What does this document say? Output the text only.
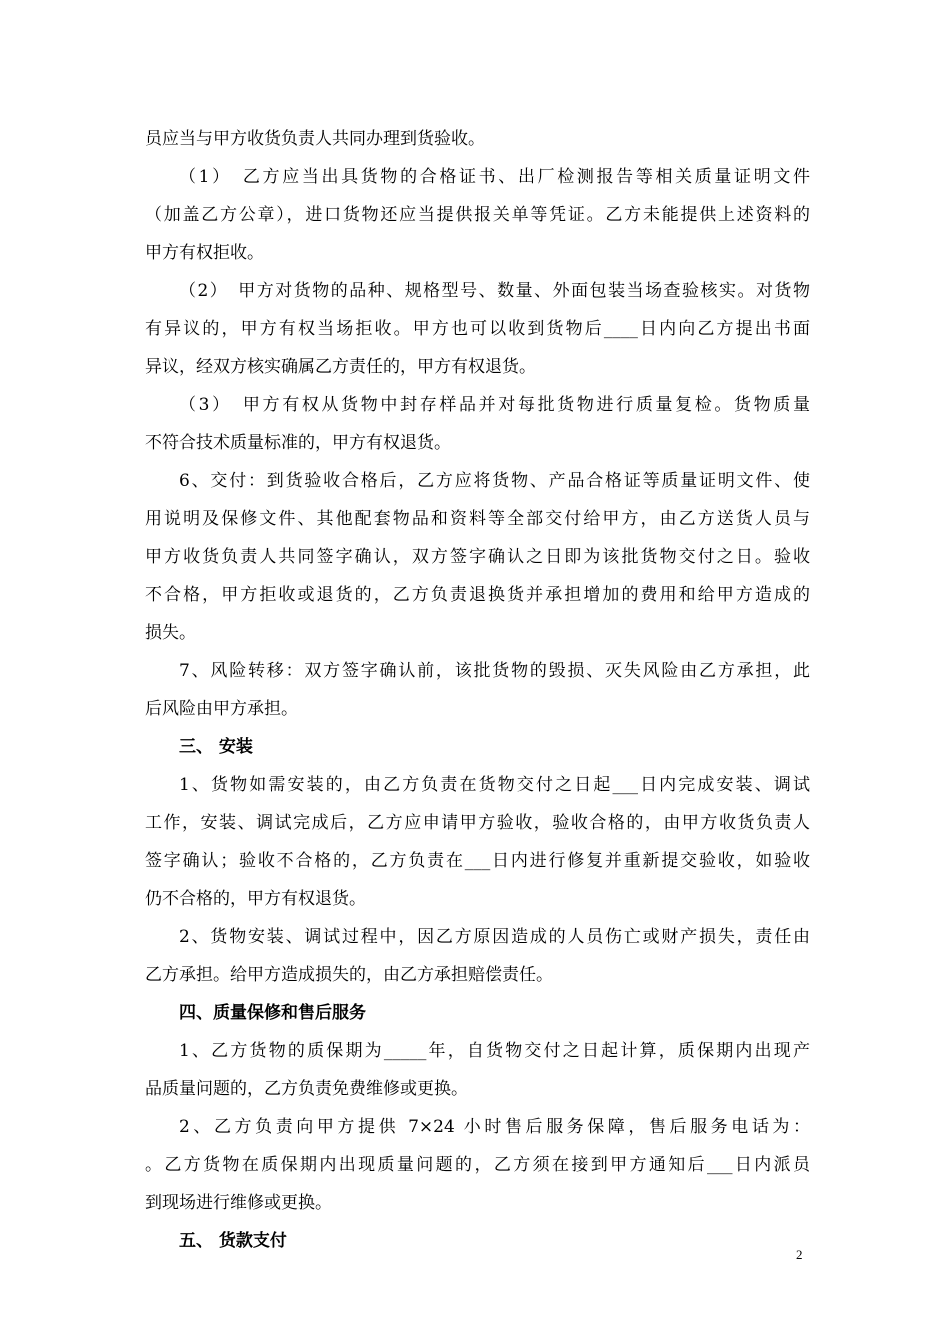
员应当与甲方收货负责人共同办理到货验收。
（1）　乙方应当出具货物的合格证书、出厂检测报告等相关质量证明文件
（加盖乙方公章），进口货物还应当提供报关单等凭证。乙方未能提供上述资料的
甲方有权拒收。
（2）　甲方对货物的品种、规格型号、数量、外面包装当场查验核实。对货物
有异议的，甲方有权当场拒收。甲方也可以收到货物后____日内向乙方提出书面
异议，经双方核实确属乙方责任的，甲方有权退货。
（3）　甲方有权从货物中封存样品并对每批货物进行质量复检。货物质量
不符合技术质量标准的，甲方有权退货。
6、交付：到货验收合格后，乙方应将货物、产品合格证等质量证明文件、使
用说明及保修文件、其他配套物品和资料等全部交付给甲方，由乙方送货人员与
甲方收货负责人共同签字确认，双方签字确认之日即为该批货物交付之日。验收
不合格，甲方拒收或退货的，乙方负责退换货并承担增加的费用和给甲方造成的
损失。
7、风险转移：双方签字确认前，该批货物的毁损、灭失风险由乙方承担，此
后风险由甲方承担。
三、 安装
1、货物如需安装的，由乙方负责在货物交付之日起___日内完成安装、调试
工作，安装、调试完成后，乙方应申请甲方验收，验收合格的，由甲方收货负责人
签字确认；验收不合格的，乙方负责在___日内进行修复并重新提交验收，如验收
仍不合格的，甲方有权退货。
2、货物安装、调试过程中，因乙方原因造成的人员伤亡或财产损失，责任由
乙方承担。给甲方造成损失的，由乙方承担赔偿责任。
四、质量保修和售后服务
1、乙方货物的质保期为_____年，自货物交付之日起计算，质保期内出现产
品质量问题的，乙方负责免费维修或更换。
2、乙方负责向甲方提供 7×24 小时售后服务保障，售后服务电话为：
。乙方货物在质保期内出现质量问题的，乙方须在接到甲方通知后___日内派员
到现场进行维修或更换。
五、 货款支付
2
